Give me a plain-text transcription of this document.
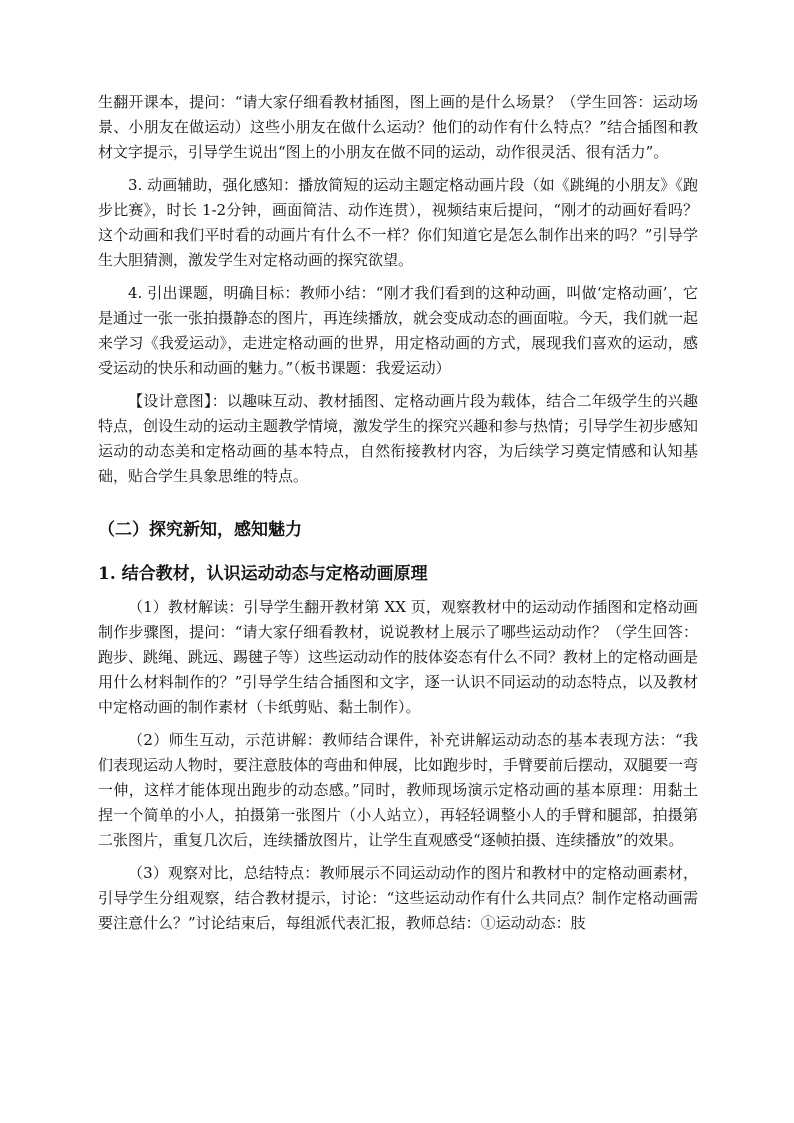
生翻开课本，提问：“请大家仔细看教材插图，图上画的是什么场景？（学生回答：运动场景、小朋友在做运动）这些小朋友在做什么运动？他们的动作有什么特点？”结合插图和教材文字提示，引导学生说出“图上的小朋友在做不同的运动，动作很灵活、很有活力”。

3. 动画辅助，强化感知：播放简短的运动主题定格动画片段（如《跳绳的小朋友》《跑步比赛》，时长 1-2分钟，画面简洁、动作连贯），视频结束后提问，“刚才的动画好看吗？这个动画和我们平时看的动画片有什么不一样？你们知道它是怎么制作出来的吗？”引导学生大胆猜测，激发学生对定格动画的探究欲望。

4. 引出课题，明确目标：教师小结：“刚才我们看到的这种动画，叫做‘定格动画’，它是通过一张一张拍摄静态的图片，再连续播放，就会变成动态的画面啦。今天，我们就一起来学习《我爱运动》，走进定格动画的世界，用定格动画的方式，展现我们喜欢的运动，感受运动的快乐和动画的魅力。”（板书课题：我爱运动）

【设计意图】：以趣味互动、教材插图、定格动画片段为载体，结合二年级学生的兴趣特点，创设生动的运动主题教学情境，激发学生的探究兴趣和参与热情；引导学生初步感知运动的动态美和定格动画的基本特点，自然衔接教材内容，为后续学习奠定情感和认知基础，贴合学生具象思维的特点。

（二）探究新知，感知魅力
1. 结合教材，认识运动动态与定格动画原理

（1）教材解读：引导学生翻开教材第 XX 页，观察教材中的运动动作插图和定格动画制作步骤图，提问：“请大家仔细看教材，说说教材上展示了哪些运动动作？（学生回答：跑步、跳绳、跳远、踢毽子等）这些运动动作的肢体姿态有什么不同？教材上的定格动画是用什么材料制作的？”引导学生结合插图和文字，逐一认识不同运动的动态特点，以及教材中定格动画的制作素材（卡纸剪贴、黏土制作）。

（2）师生互动，示范讲解：教师结合课件，补充讲解运动动态的基本表现方法：“我们表现运动人物时，要注意肢体的弯曲和伸展，比如跑步时，手臂要前后摆动，双腿要一弯一伸，这样才能体现出跑步的动态感。”同时，教师现场演示定格动画的基本原理：用黏土捏一个简单的小人，拍摄第一张图片（小人站立），再轻轻调整小人的手臂和腿部，拍摄第二张图片，重复几次后，连续播放图片，让学生直观感受“逐帧拍摄、连续播放”的效果。

（3）观察对比，总结特点：教师展示不同运动动作的图片和教材中的定格动画素材，引导学生分组观察，结合教材提示，讨论：“这些运动动作有什么共同点？制作定格动画需要注意什么？”讨论结束后，每组派代表汇报，教师总结：①运动动态：肢
